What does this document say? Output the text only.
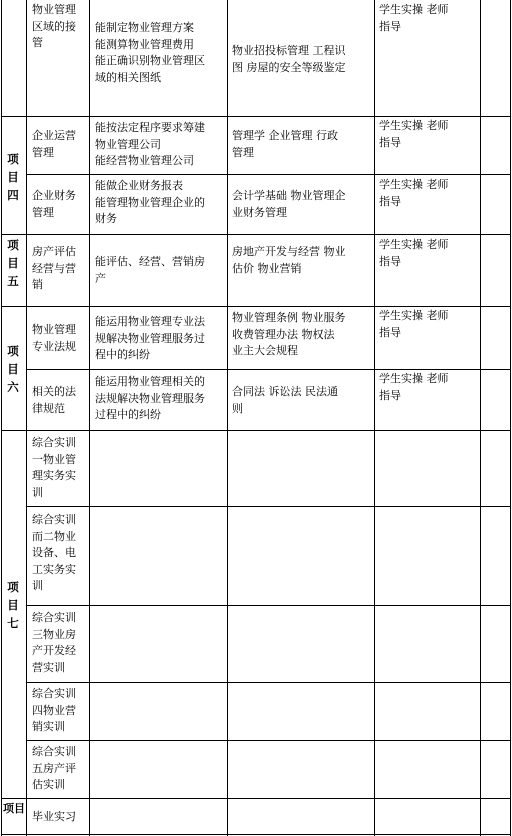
物业管理
区域的接
管
能制定物业管理方案
能测算物业管理费用
能正确识别物业管理区
域的相关图纸
物业招投标管理 工程识
图 房屋的安全等级鉴定
学生实操 老师
指导
项
目
四
企业运营
管理
能按法定程序要求筹建
物业管理公司
能经营物业管理公司
管理学 企业管理 行政
管理
学生实操 老师
指导
企业财务
管理
能做企业财务报表
能管理物业管理企业的
财务
会计学基础 物业管理企
业财务管理
学生实操 老师
指导
项
目
五
房产评估
经营与营
销
能评估、经营、营销房
产
房地产开发与经营 物业
估价 物业营销
学生实操 老师
指导
项
目
六
物业管理
专业法规
能运用物业管理专业法
规解决物业管理服务过
程中的纠纷
物业管理条例 物业服务
收费管理办法 物权法
业主大会规程
学生实操 老师
指导
相关的法
律规范
能运用物业管理相关的
法规解决物业管理服务
过程中的纠纷
合同法 诉讼法 民法通
则
学生实操 老师
指导
项
目
七
综合实训
一物业管
理实务实
训
综合实训
而二物业
设备、电
工实务实
训
综合实训
三物业房
产开发经
营实训
综合实训
四物业营
销实训
综合实训
五房产评
估实训
项目
毕业实习
